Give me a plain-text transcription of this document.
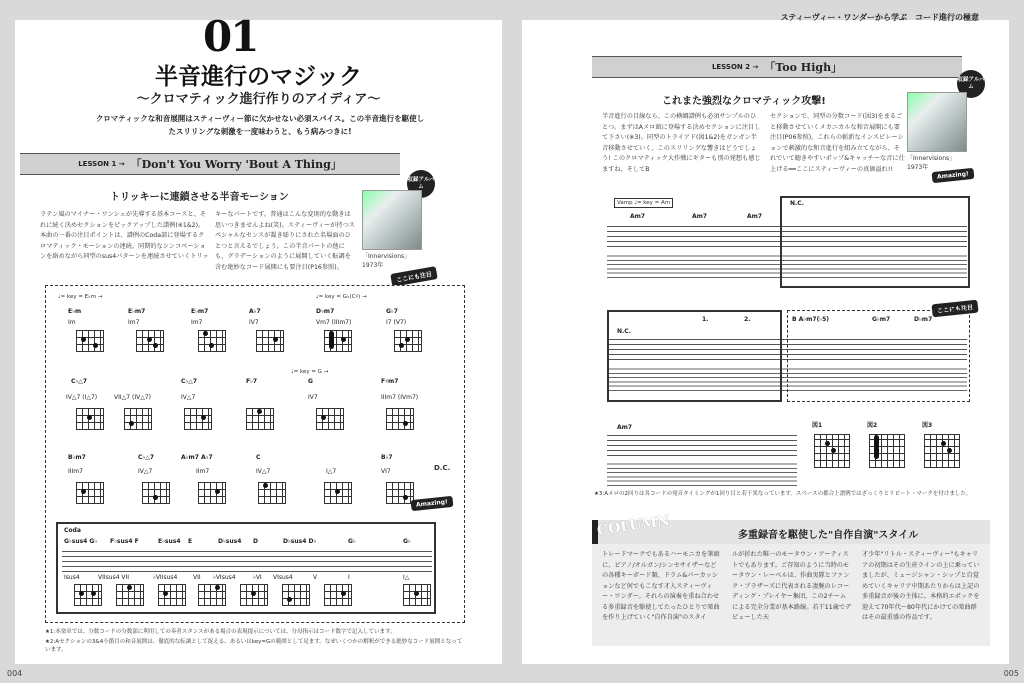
01
半音進行のマジック
〜クロマティック進行作りのアイディア〜
クロマティックな和音展開はスティーヴィー節に欠かせない必須スパイス。この半音進行を駆使したスリリングな刺激を一度味わうと、もう病みつきに!
LESSON 1 → 「Don't You Worry 'Bout A Thing」
収録アルバム
トリッキーに連鎖させる半音モーション
ラテン風のマイナー・ワンシェが先導する基本コースと、それに続く決めセクションをピックアップした譜例(※1&2)。本曲の一番の注目ポイントは、譜例のCoda部に登場するクロマティック・モーションの連続。同期的なシンコペーションを絡めながら同型のsus4パターンを連続させていくトリッ
キーなパートです。普通はこんな変則的な動きは思いつきませんよね(笑)。スティーヴィーが持つスペシャルなセンスが凝き彫りにされた名場面のひとつと言えるでしょう。この半音パートの他にも、グラデーションのように展開していく転調を含む絶妙なコード展開にも要注目(P16参照)。
「Innervisions」
1973年
ここにも注目
♩= key = E♭m →	♩= key = G♭(C♯) →
♩= key = G →
E♭m	E♭m7	E♭m7	A♭7	D♭m7	G♭7
Im	Im7	Im7	IV7	Vm7 (IIIm7)	I7 (V7)
C♭△7	C♭△7	F♭7	G	F♯m7
IV△7 (I△7)	VII△7 (IV△7)	IV△7	IV7	IIIm7 (IVm7)
B♭m7	C♭△7	A♭m7 A♭7	C	B♭7
IIIm7	IV△7	IIm7	IV△7	I△7	VI7	D.C.
Amazing!
Coda
G♭sus4 G♭ F♭sus4 F	E♭sus4 E	D♭sus4 D	D♭sus4 D♭	G♭	G♭
Isus4	VIIsus4 VII	♭VIIsus4	VII ♭VIsus4	♭VI VIsus4	V	I	I△
★1:本楽章では、分数コードの分数部に利用しての奏者スタンスがある場合の表現提示については、分母指示はコード数字で記入しています。
★2:Aセクションの3&4小節目の和音展開は、徹底的な転調として捉える、あるいはkey=Gの範囲として見ます。なぜいくつかの解釈ができる絶妙なコード展開となっています。
004
スティーヴィー・ワンダーから学ぶ　コード進行の極意
LESSON 2 → 「Too High」
収録アルバム
これまた強烈なクロマティック攻撃!
半音進行の目線なら、この横綱譜例も必須サンプルのひとつ。まずはAメロ頭に登場する決めセクションに注目して下さい(※3)。同型のトライアド(図1&2)をガンガン半音移動させていく、このスリリングな響きはどうでしょう! このクロマティック大作戦にギターも別の発想も感じますね、そしてB
セクションで、同型の分数コード(図3)をまるごと移動させていくメカニカルな和音展開にも要注目(P06参照)。これらの斬新なインスピレーションで刺激的な和音進行を組み立てながら、それでいて聴きやすいポップ&キャッチーな音に仕上げる━━ここにスティーヴィーの真価溢れ!!
「Innervisions」
1973年
Amazing!
Vamp ♩= key = Am
Am7	Am7	Am7
N.C.
ここにも注目
N.C.
1.	2.	B A♭m7(♭5)	G♭m7	D♭m7
Am7	図1	図2	図3
★3:Aメロの2回りは各コードの発音タイミングが1回り目と若干異なっています。スペースの都合上譜例ではざっくりとリピート・マークを付けました。
多重録音を駆使した"自作自演"スタイル
COLUMN
トレードマークでもあるハーモニカを筆頭に、ピアノ/オルガン/シンセサイザーなどの各種キーボード類、ドラム&パーカッションなど何でもこなす才人スティーヴィー・ワンダー。それらの演奏を重ね合わせる多重録音を駆使してたったひとりで楽曲を作り上げていく"自作自演"のスタイ
ルが折れた唯一のモータウン・アーティストでもあります。ご存知のように当時のモータウン・レーベルは、作曲実隊とファンク・ブラザーズに代表される凄腕のレコーディング・プレイヤー集団、この2チームによる完全分業が基本路線。若干11歳でデビューした天
才少年"リトル・スティーヴィー"もキャリアの初期はその生産ラインの上に乗っていましたが、ミュージシャン・シップと自覚めていくキャリア中期あたりからは上記の多重録音が後の主体に。本格的エポックを迎えて70年代〜80年代にかけての楽曲群はその最重盛の作品です。
005
